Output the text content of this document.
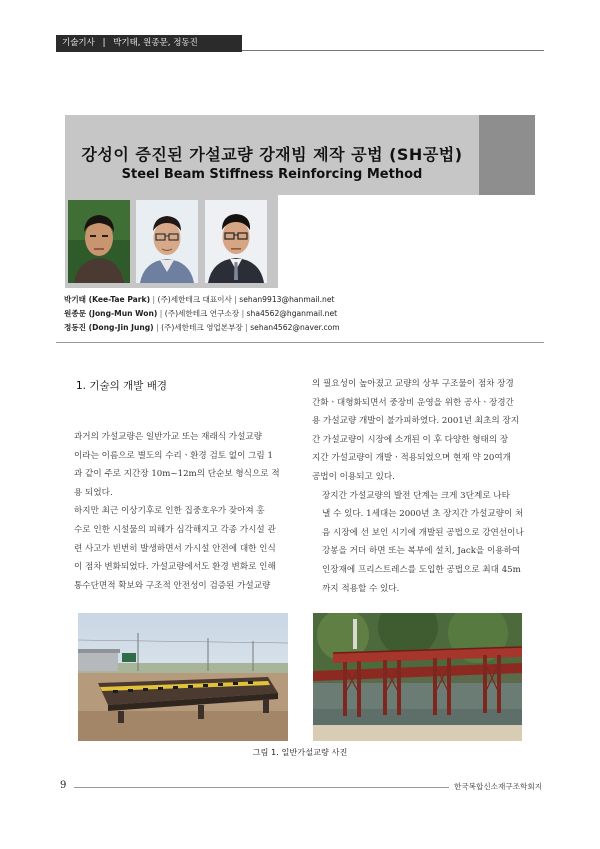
기술기사 | 박기태, 원종문, 정동진
강성이 증진된 가설교량 강재빔 제작 공법 (SH공법)
Steel Beam Stiffness Reinforcing Method
박기태 (Kee-Tae Park) | (주)세한테크 대표이사 | sehan9913@hanmail.net
원종문 (Jong-Mun Won) | (주)세한테크 연구소장 | sha4562@hganmail.net
정동진 (Dong-Jin Jung) | (주)세한테크 영업본부장 | sehan4562@naver.com
1. 기술의 개발 배경

과거의 가설교량은 일반가교 또는 재래식 가설교량
이라는 이름으로 별도의 수리ㆍ환경 검토 없이 그림 1
과 같이 주로 지간장 10m~12m의 단순보 형식으로 적
용 되었다.

하지만 최근 이상기후로 인한 집중호우가 잦아져 홍
수로 인한 시설물의 피해가 심각해지고 각종 가시설 관
련 사고가 빈번히 발생하면서 가시설 안전에 대한 인식
이 점차 변화되었다. 가설교량에서도 환경 변화로 인해
통수단면적 확보와 구조적 안전성이 검증된 가설교량

의 필요성이 높아졌고 교량의 상부 구조물이 점차 장경
간화ㆍ대형화되면서 중장비 운영을 위한 공사ㆍ장경간
용 가설교량 개발이 불가피하였다. 2001년 최초의 장지
간 가설교량이 시장에 소개된 이 후 다양한 형태의 장
지간 가설교량이 개발ㆍ적용되었으며 현재 약 20여개
공법이 이용되고 있다.

장지간 가설교량의 발전 단계는 크게 3단계로 나타
낼 수 있다. 1세대는 2000년 초 장지간 가설교량이 처
음 시장에 선 보인 시기에 개발된 공법으로 강연선이나
강봉을 거더 하면 또는 복부에 설치, Jack을 이용하여
인장재에 프리스트레스를 도입한 공법으로 최대 45m
까지 적용할 수 있다.

그림 1. 일반가설교량 사진
9	한국복합신소재구조학회지
